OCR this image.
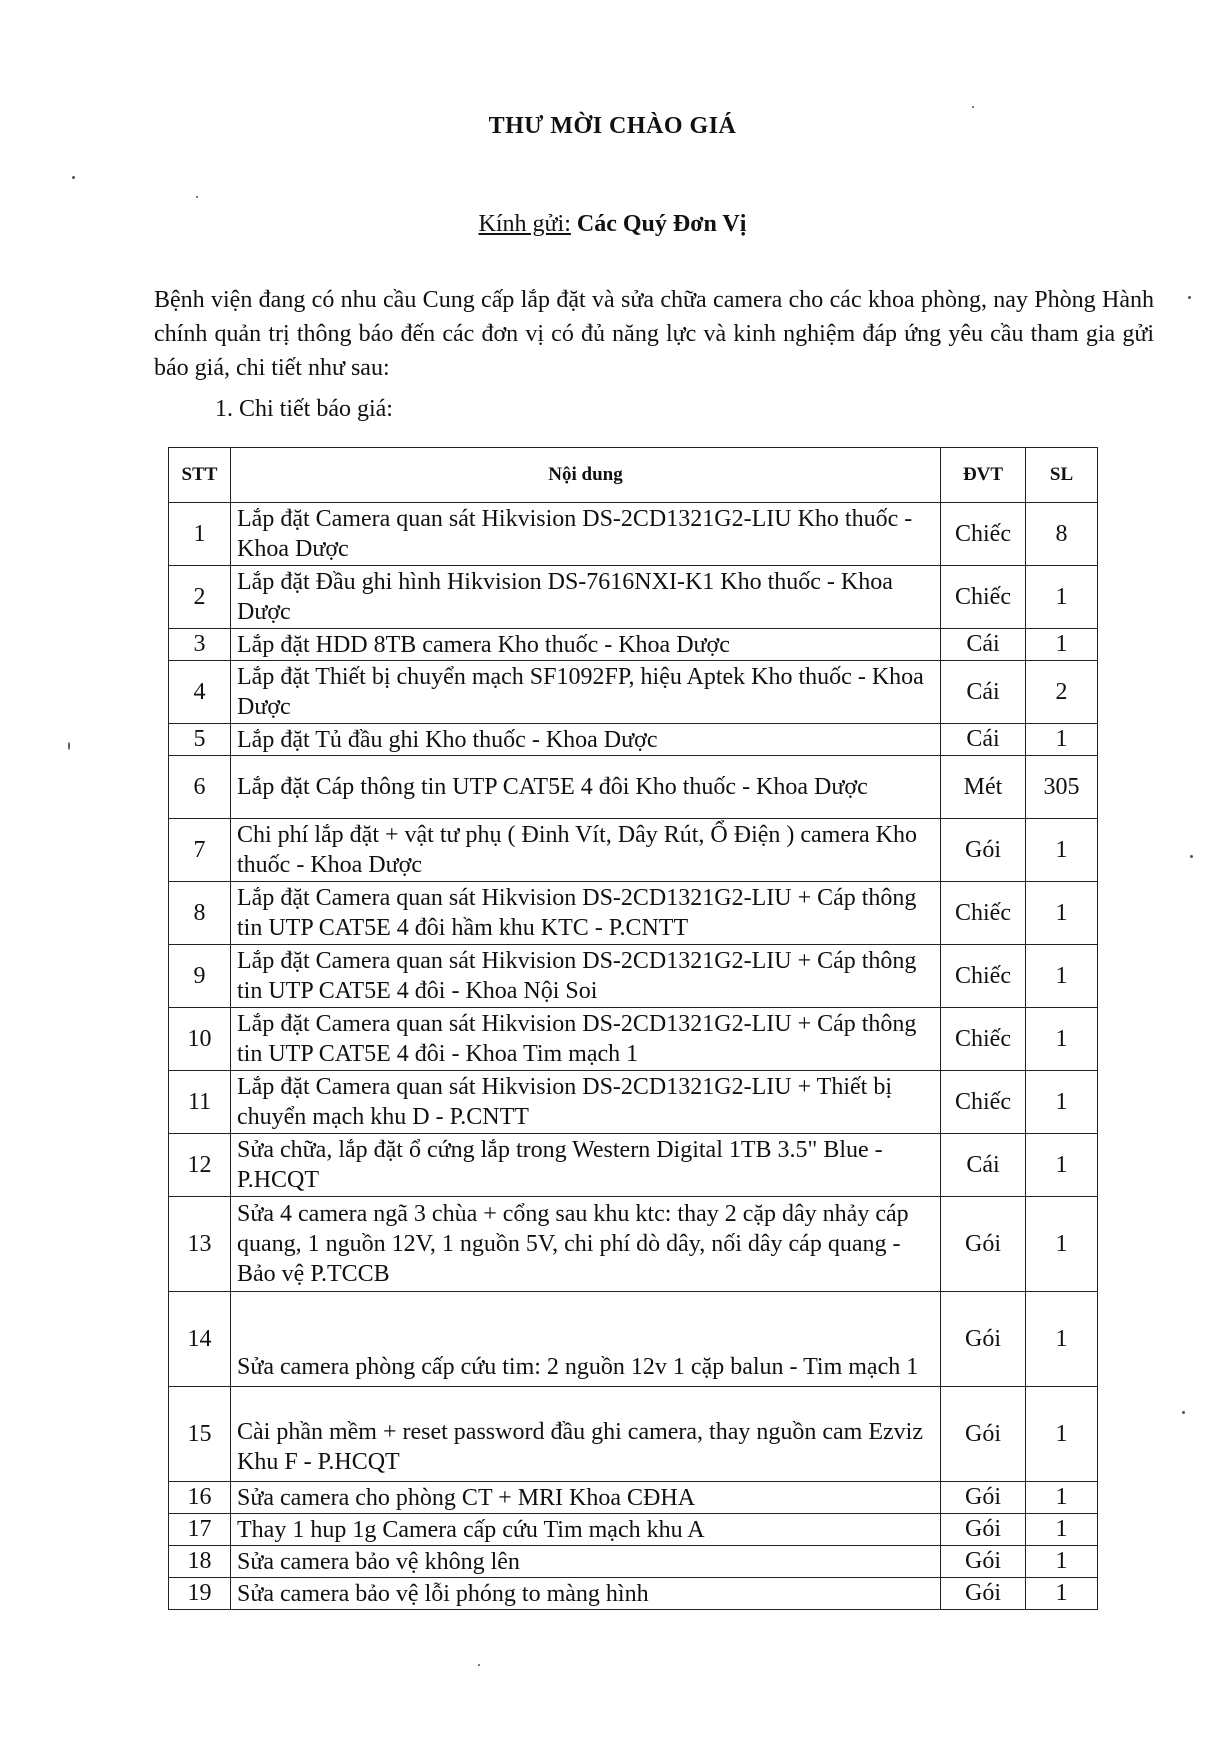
THƯ MỜI CHÀO GIÁ
Kính gửi: Các Quý Đơn Vị
Bệnh viện đang có nhu cầu Cung cấp lắp đặt và sửa chữa camera cho các khoa phòng, nay Phòng Hành chính quản trị thông báo đến các đơn vị có đủ năng lực và kinh nghiệm đáp ứng yêu cầu tham gia gửi báo giá, chi tiết như sau:
1. Chi tiết báo giá:
STT	Nội dung	ĐVT	SL
1	Lắp đặt Camera quan sát Hikvision DS-2CD1321G2-LIU Kho thuốc - Khoa Dược	Chiếc	8
2	Lắp đặt Đầu ghi hình Hikvision DS-7616NXI-K1 Kho thuốc - Khoa Dược	Chiếc	1
3	Lắp đặt HDD 8TB camera Kho thuốc - Khoa Dược	Cái	1
4	Lắp đặt Thiết bị chuyển mạch SF1092FP, hiệu Aptek Kho thuốc - Khoa Dược	Cái	2
5	Lắp đặt Tủ đầu ghi Kho thuốc - Khoa Dược	Cái	1
6	Lắp đặt Cáp thông tin UTP CAT5E 4 đôi Kho thuốc - Khoa Dược	Mét	305
7	Chi phí lắp đặt + vật tư phụ ( Đinh Vít, Dây Rút, Ổ Điện ) camera Kho thuốc - Khoa Dược	Gói	1
8	Lắp đặt Camera quan sát Hikvision DS-2CD1321G2-LIU + Cáp thông tin UTP CAT5E 4 đôi hầm khu KTC - P.CNTT	Chiếc	1
9	Lắp đặt Camera quan sát Hikvision DS-2CD1321G2-LIU + Cáp thông tin UTP CAT5E 4 đôi - Khoa Nội Soi	Chiếc	1
10	Lắp đặt Camera quan sát Hikvision DS-2CD1321G2-LIU + Cáp thông tin UTP CAT5E 4 đôi - Khoa Tim mạch 1	Chiếc	1
11	Lắp đặt Camera quan sát Hikvision DS-2CD1321G2-LIU + Thiết bị chuyển mạch khu D - P.CNTT	Chiếc	1
12	Sửa chữa, lắp đặt ổ cứng lắp trong Western Digital 1TB 3.5" Blue - P.HCQT	Cái	1
13	Sửa 4 camera ngã 3 chùa + cổng sau khu ktc: thay 2 cặp dây nhảy cáp quang, 1 nguồn 12V, 1 nguồn 5V, chi phí dò dây, nối dây cáp quang - Bảo vệ P.TCCB	Gói	1
14	Sửa camera phòng cấp cứu tim: 2 nguồn 12v 1 cặp balun - Tim mạch 1	Gói	1
15	Cài phần mềm + reset password đầu ghi camera, thay nguồn cam Ezviz Khu F - P.HCQT	Gói	1
16	Sửa camera cho phòng CT + MRI Khoa CĐHA	Gói	1
17	Thay 1 hup 1g Camera cấp cứu Tim mạch khu A	Gói	1
18	Sửa camera bảo vệ không lên	Gói	1
19	Sửa camera bảo vệ lỗi phóng to màng hình	Gói	1
